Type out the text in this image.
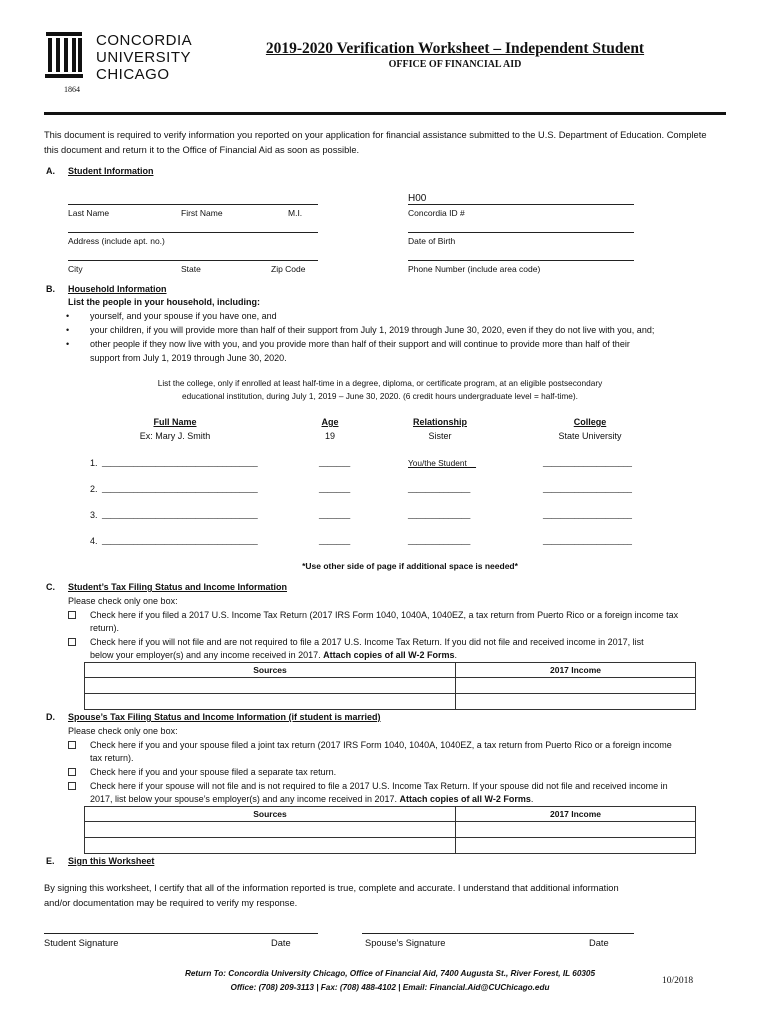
CONCORDIA
UNIVERSITY
CHICAGO
1864
2019-2020 Verification Worksheet – Independent Student
OFFICE OF FINANCIAL AID
This document is required to verify information you reported on your application for financial assistance submitted to the U.S. Department of Education. Complete this document and return it to the Office of Financial Aid as soon as possible.
A. Student Information
H00
Last Name	First Name	M.I.	Concordia ID #
Address (include apt. no.)	Date of Birth
City	State	Zip Code	Phone Number (include area code)
B. Household Information
List the people in your household, including:
• yourself, and your spouse if you have one, and
• your children, if you will provide more than half of their support from July 1, 2019 through June 30, 2020, even if they do not live with you, and;
• other people if they now live with you, and you provide more than half of their support and will continue to provide more than half of their
support from July 1, 2019 through June 30, 2020.
List the college, only if enrolled at least half-time in a degree, diploma, or certificate program, at an eligible postsecondary
educational institution, during July 1, 2019 – June 30, 2020. (6 credit hours undergraduate level = half-time).
Full Name	Age	Relationship	College
Ex: Mary J. Smith	19	Sister	State University
1. ___________________________________	_______	You/the Student__	____________________
2. ___________________________________	_______	______________	____________________
3. ___________________________________	_______	______________	____________________
4. ___________________________________	_______	______________	____________________
*Use other side of page if additional space is needed*
C. Student’s Tax Filing Status and Income Information
Please check only one box:
Check here if you filed a 2017 U.S. Income Tax Return (2017 IRS Form 1040, 1040A, 1040EZ, a tax return from Puerto Rico or a foreign income tax
return).
Check here if you will not file and are not required to file a 2017 U.S. Income Tax Return. If you did not file and received income in 2017, list
below your employer(s) and any income received in 2017. Attach copies of all W-2 Forms.
Sources	2017 Income

D. Spouse’s Tax Filing Status and Income Information (if student is married)
Please check only one box:
Check here if you and your spouse filed a joint tax return (2017 IRS Form 1040, 1040A, 1040EZ, a tax return from Puerto Rico or a foreign income
tax return).
Check here if you and your spouse filed a separate tax return.
Check here if your spouse will not file and is not required to file a 2017 U.S. Income Tax Return. If your spouse did not file and received income in
2017, list below your spouse’s employer(s) and any income received in 2017. Attach copies of all W-2 Forms.
Sources	2017 Income

E. Sign this Worksheet
By signing this worksheet, I certify that all of the information reported is true, complete and accurate. I understand that additional information
and/or documentation may be required to verify my response.
Student Signature	Date	Spouse’s Signature	Date
Return To: Concordia University Chicago, Office of Financial Aid, 7400 Augusta St., River Forest, IL 60305
Office: (708) 209-3113 | Fax: (708) 488-4102 | Email: Financial.Aid@CUChicago.edu
10/2018
